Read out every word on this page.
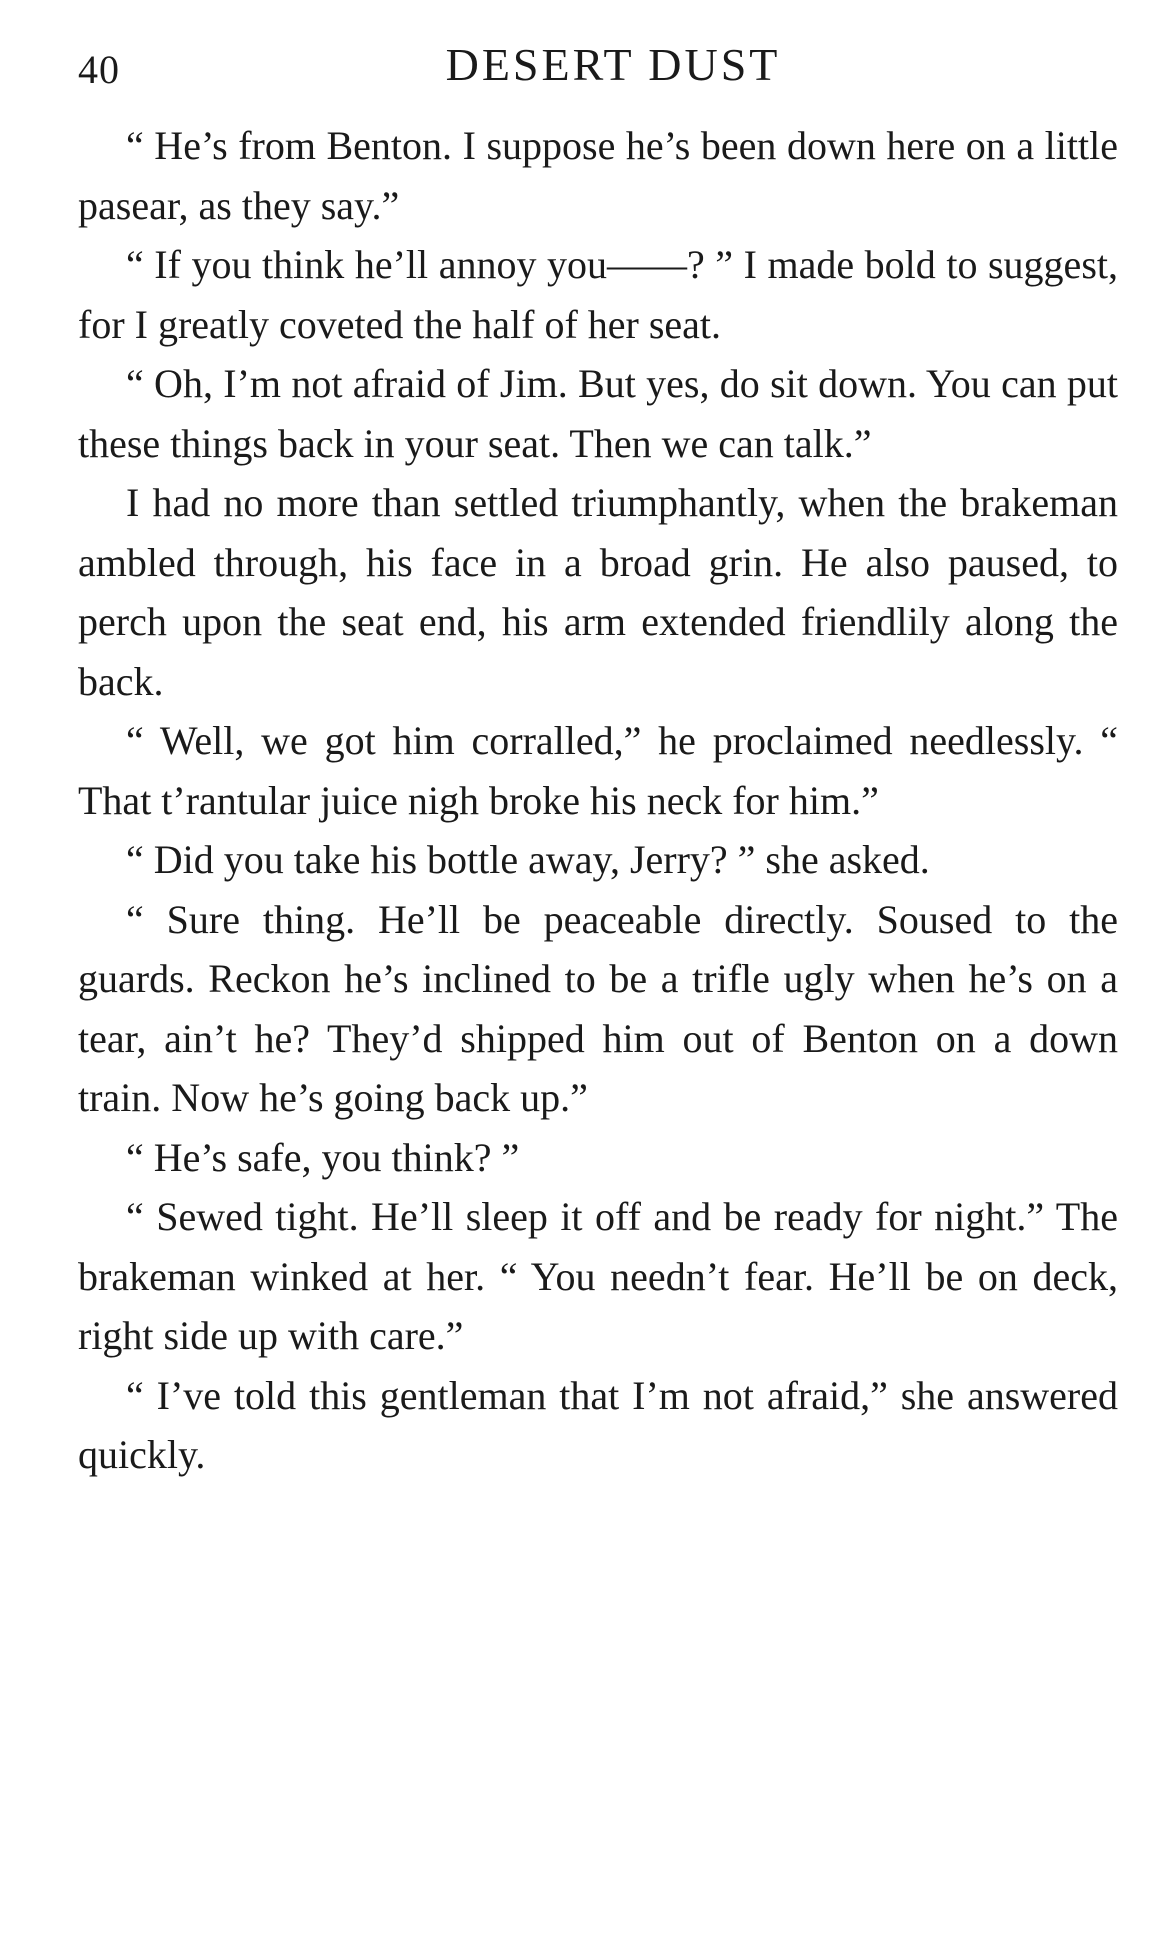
40	DESERT DUST

“ He’s from Benton. I suppose he’s been down here on a little pasear, as they say.”

“ If you think he’ll annoy you——? ” I made bold to suggest, for I greatly coveted the half of her seat.

“ Oh, I’m not afraid of Jim. But yes, do sit down. You can put these things back in your seat. Then we can talk.”

I had no more than settled triumphantly, when the brakeman ambled through, his face in a broad grin. He also paused, to perch upon the seat end, his arm extended friendlily along the back.

“ Well, we got him corralled,” he proclaimed needlessly. “ That t’rantular juice nigh broke his neck for him.”

“ Did you take his bottle away, Jerry? ” she asked.

“ Sure thing. He’ll be peaceable directly. Soused to the guards. Reckon he’s inclined to be a trifle ugly when he’s on a tear, ain’t he? They’d shipped him out of Benton on a down train. Now he’s going back up.”

“ He’s safe, you think? ”

“ Sewed tight. He’ll sleep it off and be ready for night.” The brakeman winked at her. “ You needn’t fear. He’ll be on deck, right side up with care.”

“ I’ve told this gentleman that I’m not afraid,” she answered quickly.
